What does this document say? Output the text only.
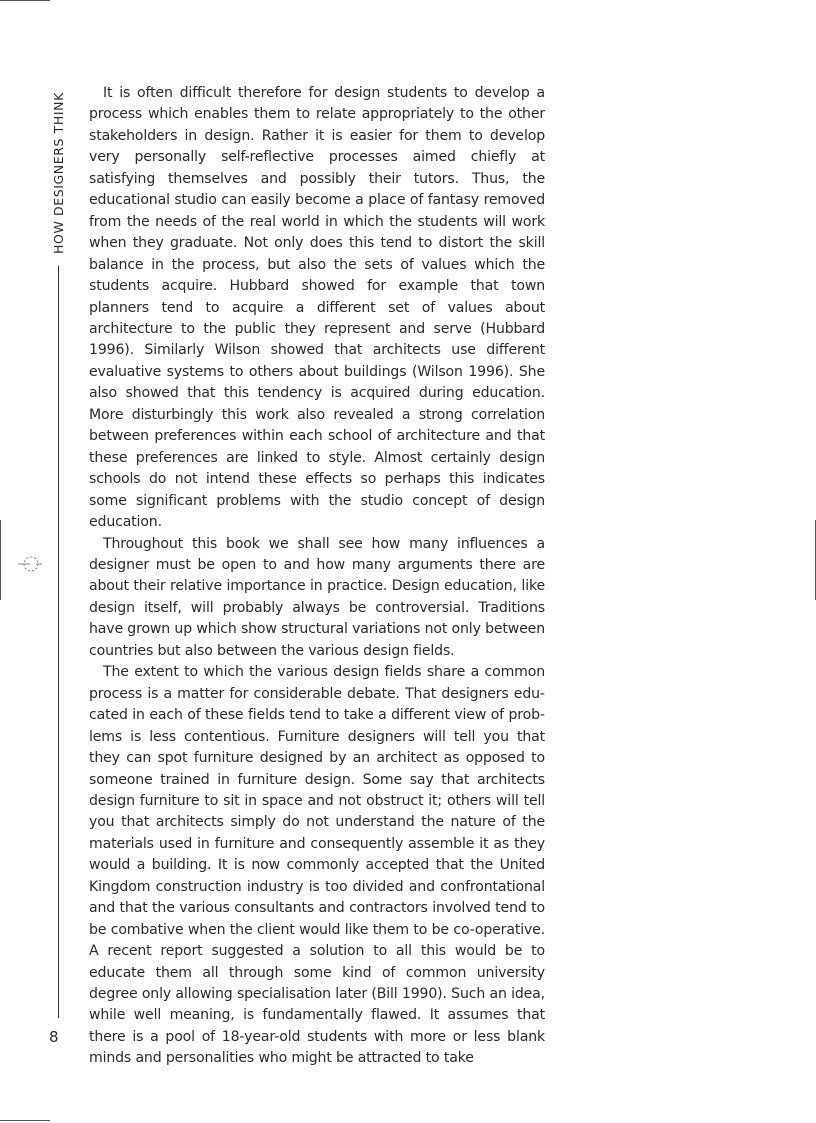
HOW DESIGNERS THINK
8

It is often difficult therefore for design students to develop a process which enables them to relate appropriately to the other stakeholders in design. Rather it is easier for them to develop very personally self-reflective processes aimed chiefly at satisfying themselves and possibly their tutors. Thus, the educational studio can easily become a place of fantasy removed from the needs of the real world in which the students will work when they graduate. Not only does this tend to distort the skill balance in the process, but also the sets of values which the students acquire. Hubbard showed for example that town planners tend to acquire a different set of values about architecture to the public they represent and serve (Hubbard 1996). Similarly Wilson showed that architects use different evaluative systems to others about buildings (Wilson 1996). She also showed that this tendency is acquired during education. More disturbingly this work also revealed a strong correlation between preferences within each school of architecture and that these preferences are linked to style. Almost certainly design schools do not intend these effects so perhaps this indicates some significant problems with the studio concept of design education.

Throughout this book we shall see how many influences a designer must be open to and how many arguments there are about their relative importance in practice. Design education, like design itself, will probably always be controversial. Traditions have grown up which show structural variations not only between countries but also between the various design fields.

The extent to which the various design fields share a common process is a matter for considerable debate. That designers educated in each of these fields tend to take a different view of problems is less contentious. Furniture designers will tell you that they can spot furniture designed by an architect as opposed to someone trained in furniture design. Some say that architects design furniture to sit in space and not obstruct it; others will tell you that architects simply do not understand the nature of the materials used in furniture and consequently assemble it as they would a building. It is now commonly accepted that the United Kingdom construction industry is too divided and confrontational and that the various consultants and contractors involved tend to be combative when the client would like them to be co-operative. A recent report suggested a solution to all this would be to educate them all through some kind of common university degree only allowing specialisation later (Bill 1990). Such an idea, while well meaning, is fundamentally flawed. It assumes that there is a pool of 18-year-old students with more or less blank minds and personalities who might be attracted to take
